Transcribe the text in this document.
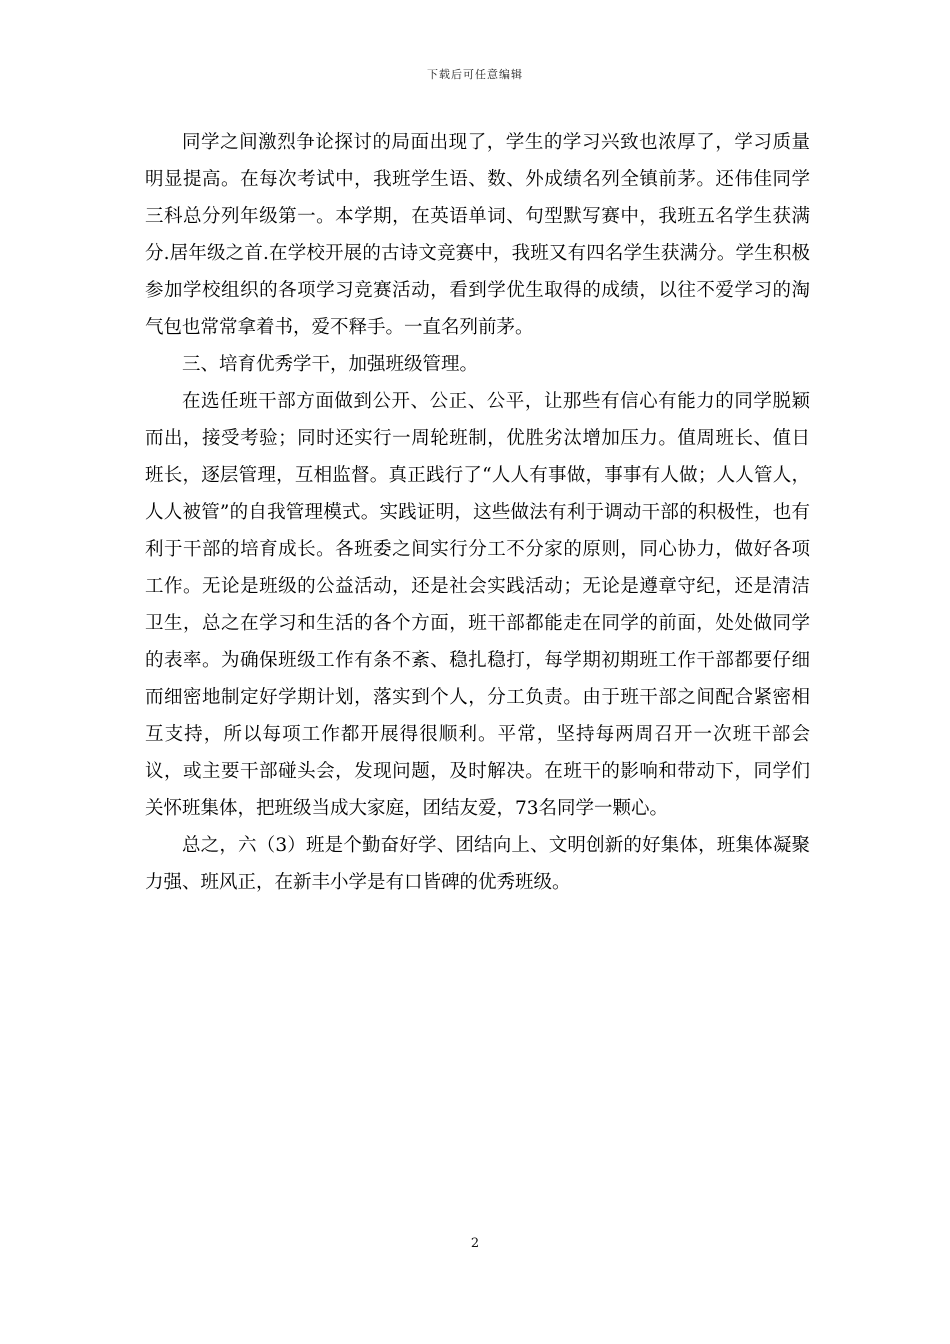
下载后可任意编辑

同学之间激烈争论探讨的局面出现了，学生的学习兴致也浓厚了，学习质量明显提高。在每次考试中，我班学生语、数、外成绩名列全镇前茅。还伟佳同学三科总分列年级第一。本学期，在英语单词、句型默写赛中，我班五名学生获满分.居年级之首.在学校开展的古诗文竞赛中，我班又有四名学生获满分。学生积极参加学校组织的各项学习竞赛活动，看到学优生取得的成绩，以往不爱学习的淘气包也常常拿着书，爱不释手。一直名列前茅。

三、培育优秀学干，加强班级管理。

在选任班干部方面做到公开、公正、公平，让那些有信心有能力的同学脱颖而出，接受考验；同时还实行一周轮班制，优胜劣汰增加压力。值周班长、值日班长，逐层管理，互相监督。真正践行了“人人有事做，事事有人做；人人管人，人人被管”的自我管理模式。实践证明，这些做法有利于调动干部的积极性，也有利于干部的培育成长。各班委之间实行分工不分家的原则，同心协力，做好各项工作。无论是班级的公益活动，还是社会实践活动；无论是遵章守纪，还是清洁卫生，总之在学习和生活的各个方面，班干部都能走在同学的前面，处处做同学的表率。为确保班级工作有条不紊、稳扎稳打，每学期初期班工作干部都要仔细而细密地制定好学期计划，落实到个人，分工负责。由于班干部之间配合紧密相互支持，所以每项工作都开展得很顺利。平常，坚持每两周召开一次班干部会议，或主要干部碰头会，发现问题，及时解决。在班干的影响和带动下，同学们关怀班集体，把班级当成大家庭，团结友爱，73名同学一颗心。

总之，六（3）班是个勤奋好学、团结向上、文明创新的好集体，班集体凝聚力强、班风正，在新丰小学是有口皆碑的优秀班级。

2
